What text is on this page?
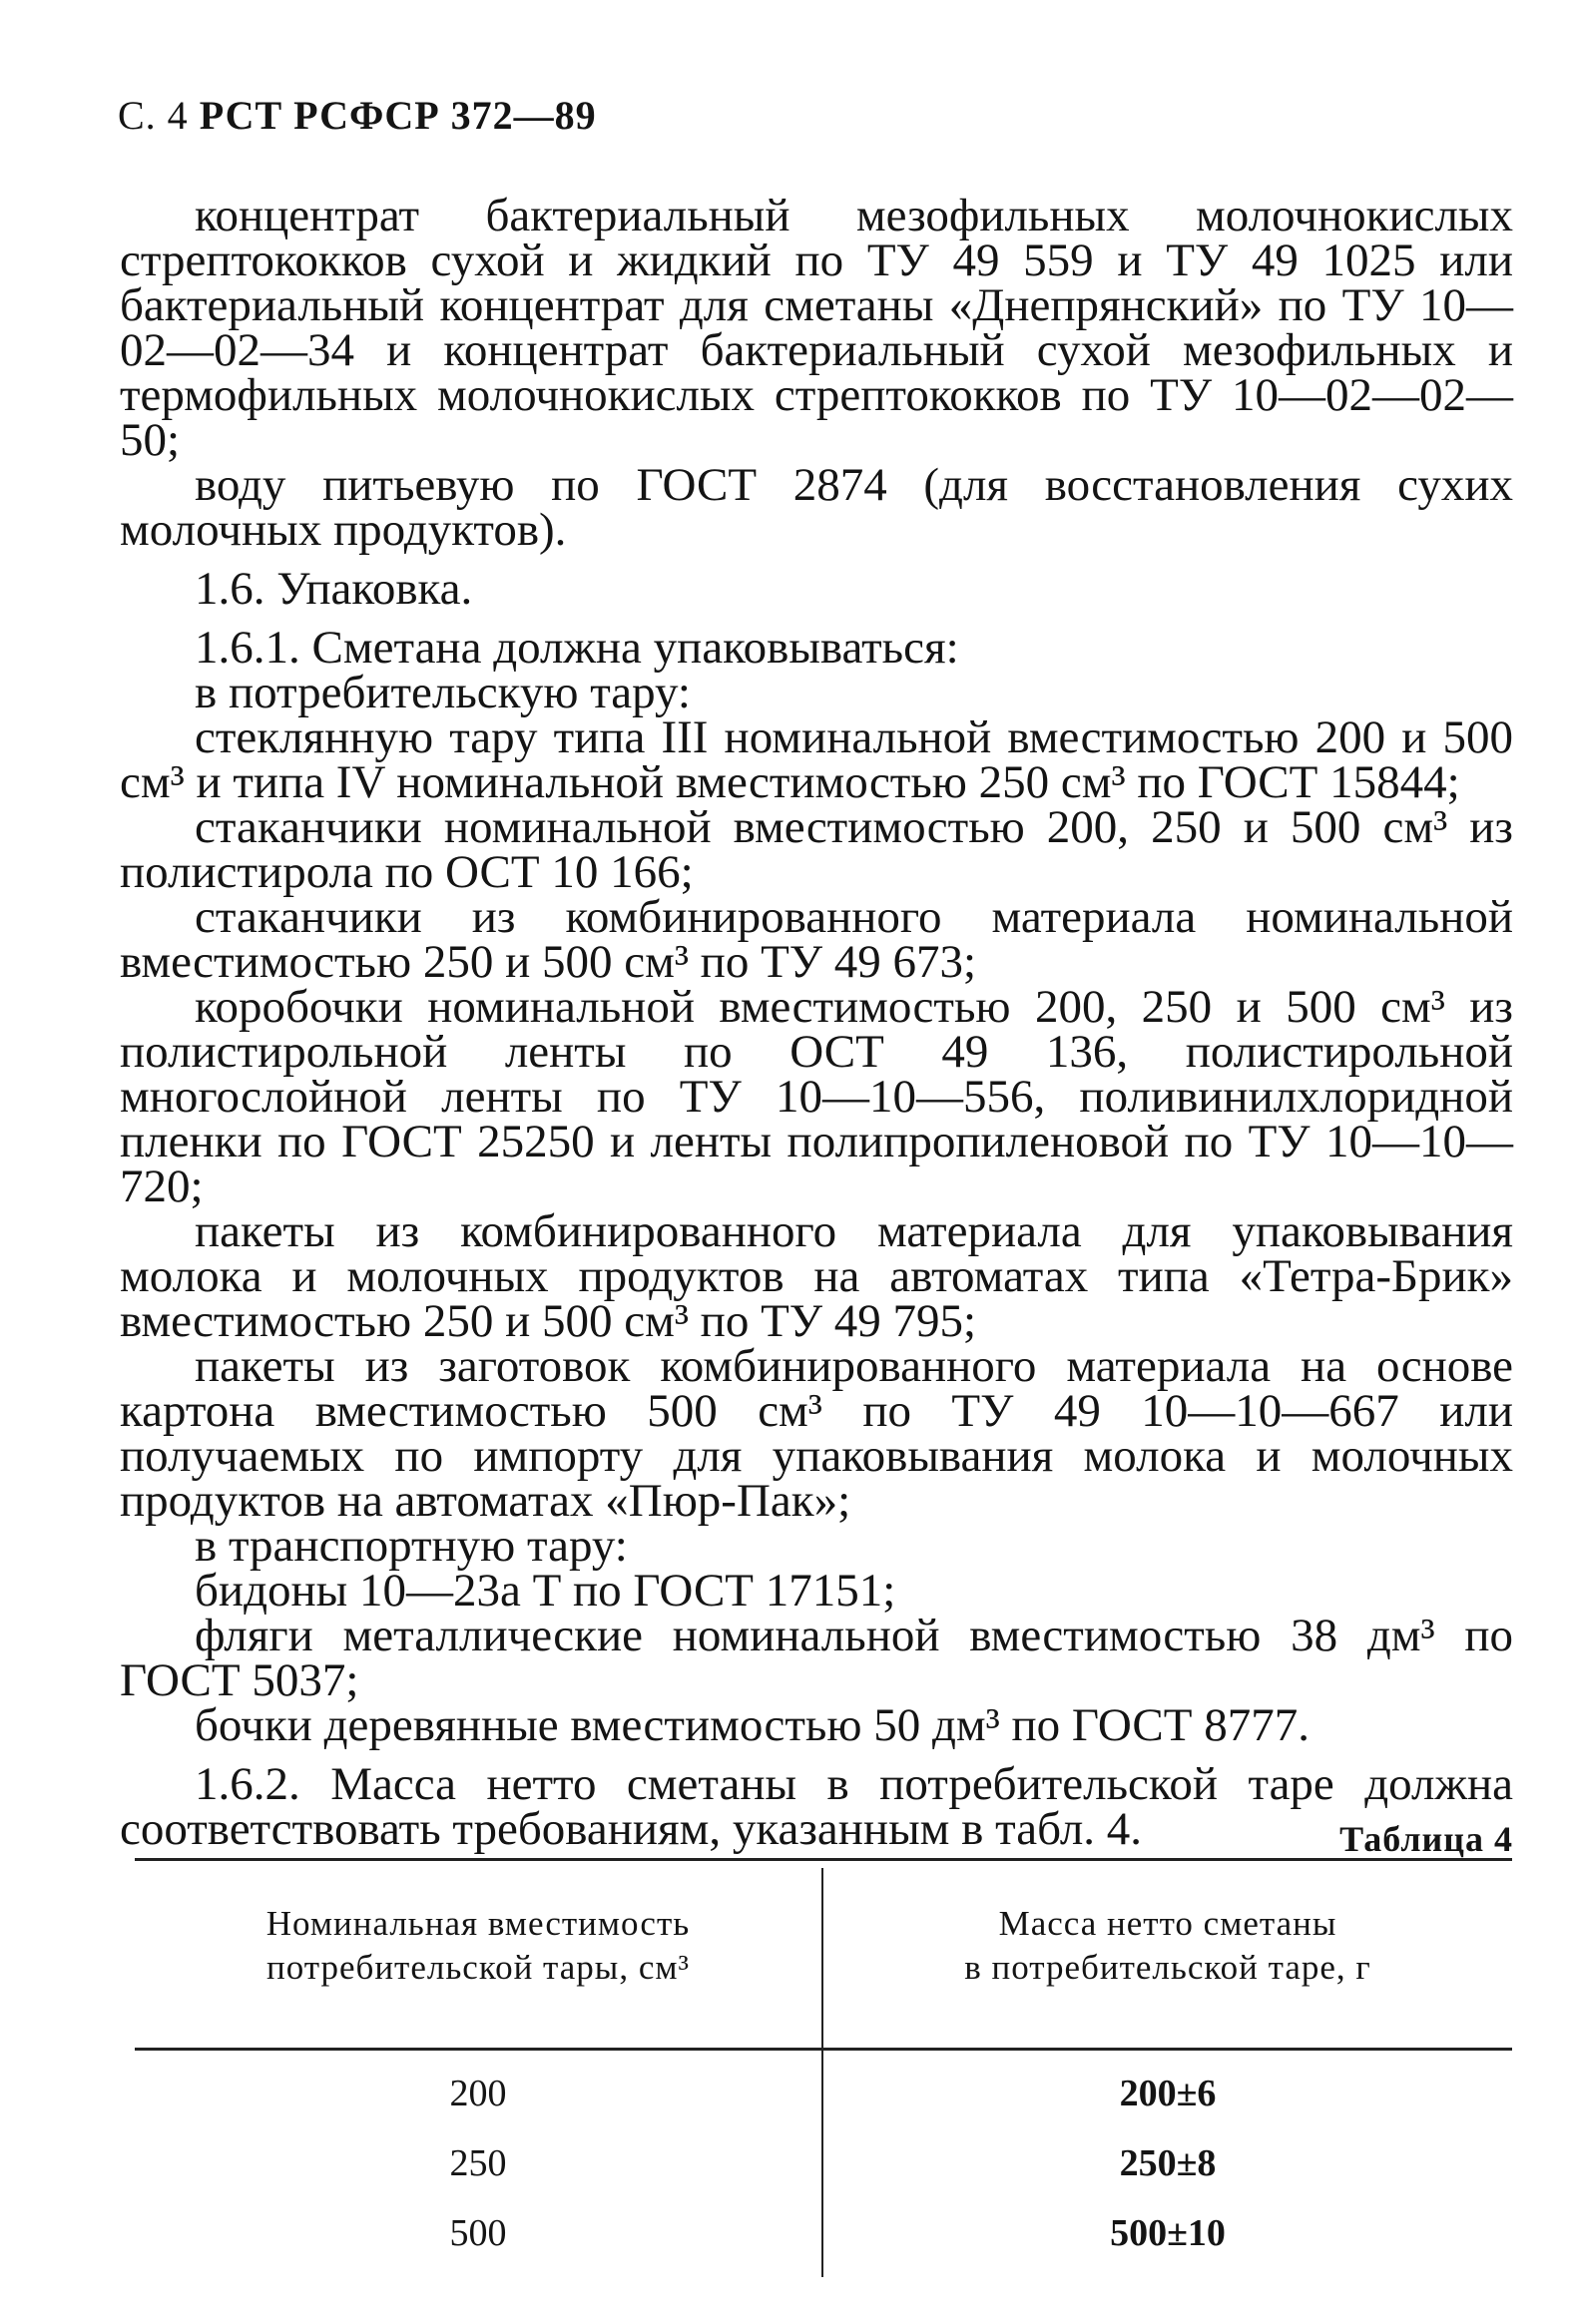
С. 4 РСТ РСФСР 372—89

концентрат бактериальный мезофильных молочнокислых стрептококков сухой и жидкий по ТУ 49 559 и ТУ 49 1025 или бактериальный концентрат для сметаны «Днепрянский» по ТУ 10—02—02—34 и концентрат бактериальный сухой мезофильных и термофильных молочнокислых стрептококков по ТУ 10—02—02—50;

воду питьевую по ГОСТ 2874 (для восстановления сухих молочных продуктов).

1.6. Упаковка.

1.6.1. Сметана должна упаковываться:

в потребительскую тару:

стеклянную тару типа III номинальной вместимостью 200 и 500 см³ и типа IV номинальной вместимостью 250 см³ по ГОСТ 15844;

стаканчики номинальной вместимостью 200, 250 и 500 см³ из полистирола по ОСТ 10 166;

стаканчики из комбинированного материала номинальной вместимостью 250 и 500 см³ по ТУ 49 673;

коробочки номинальной вместимостью 200, 250 и 500 см³ из полистирольной ленты по ОСТ 49 136, полистирольной многослойной ленты по ТУ 10—10—556, поливинилхлоридной пленки по ГОСТ 25250 и ленты полипропиленовой по ТУ 10—10—720;

пакеты из комбинированного материала для упаковывания молока и молочных продуктов на автоматах типа «Тетра-Брик» вместимостью 250 и 500 см³ по ТУ 49 795;

пакеты из заготовок комбинированного материала на основе картона вместимостью 500 см³ по ТУ 49 10—10—667 или получаемых по импорту для упаковывания молока и молочных продуктов на автоматах «Пюр-Пак»;

в транспортную тару:

бидоны 10—23а Т по ГОСТ 17151;

фляги металлические номинальной вместимостью 38 дм³ по ГОСТ 5037;

бочки деревянные вместимостью 50 дм³ по ГОСТ 8777.

1.6.2. Масса нетто сметаны в потребительской таре должна соответствовать требованиям, указанным в табл. 4.	Таблица 4
Номинальная вместимость
потребительской тары, см³
Масса нетто сметаны
в потребительской таре, г
200	200±6
250	250±8
500	500±10
